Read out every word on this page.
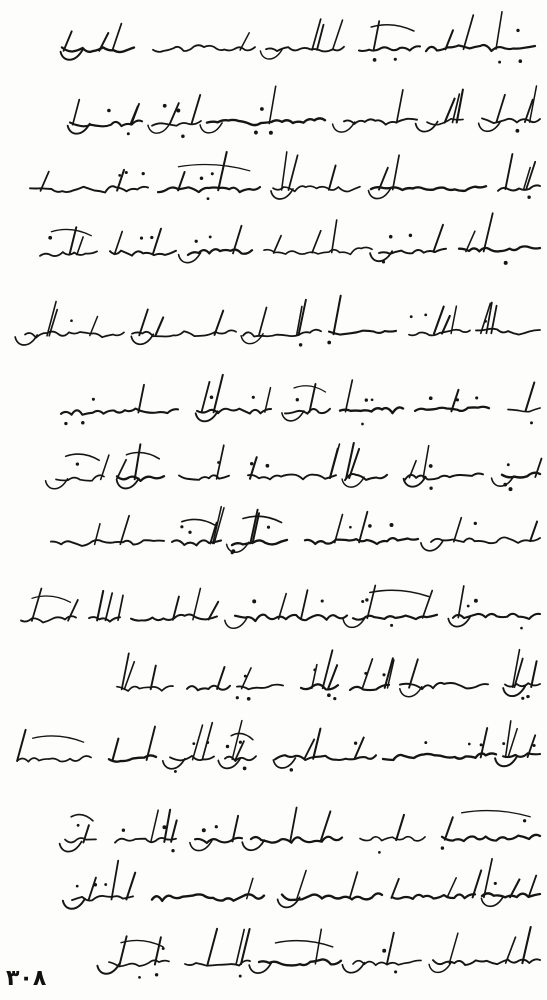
۳۰۸
